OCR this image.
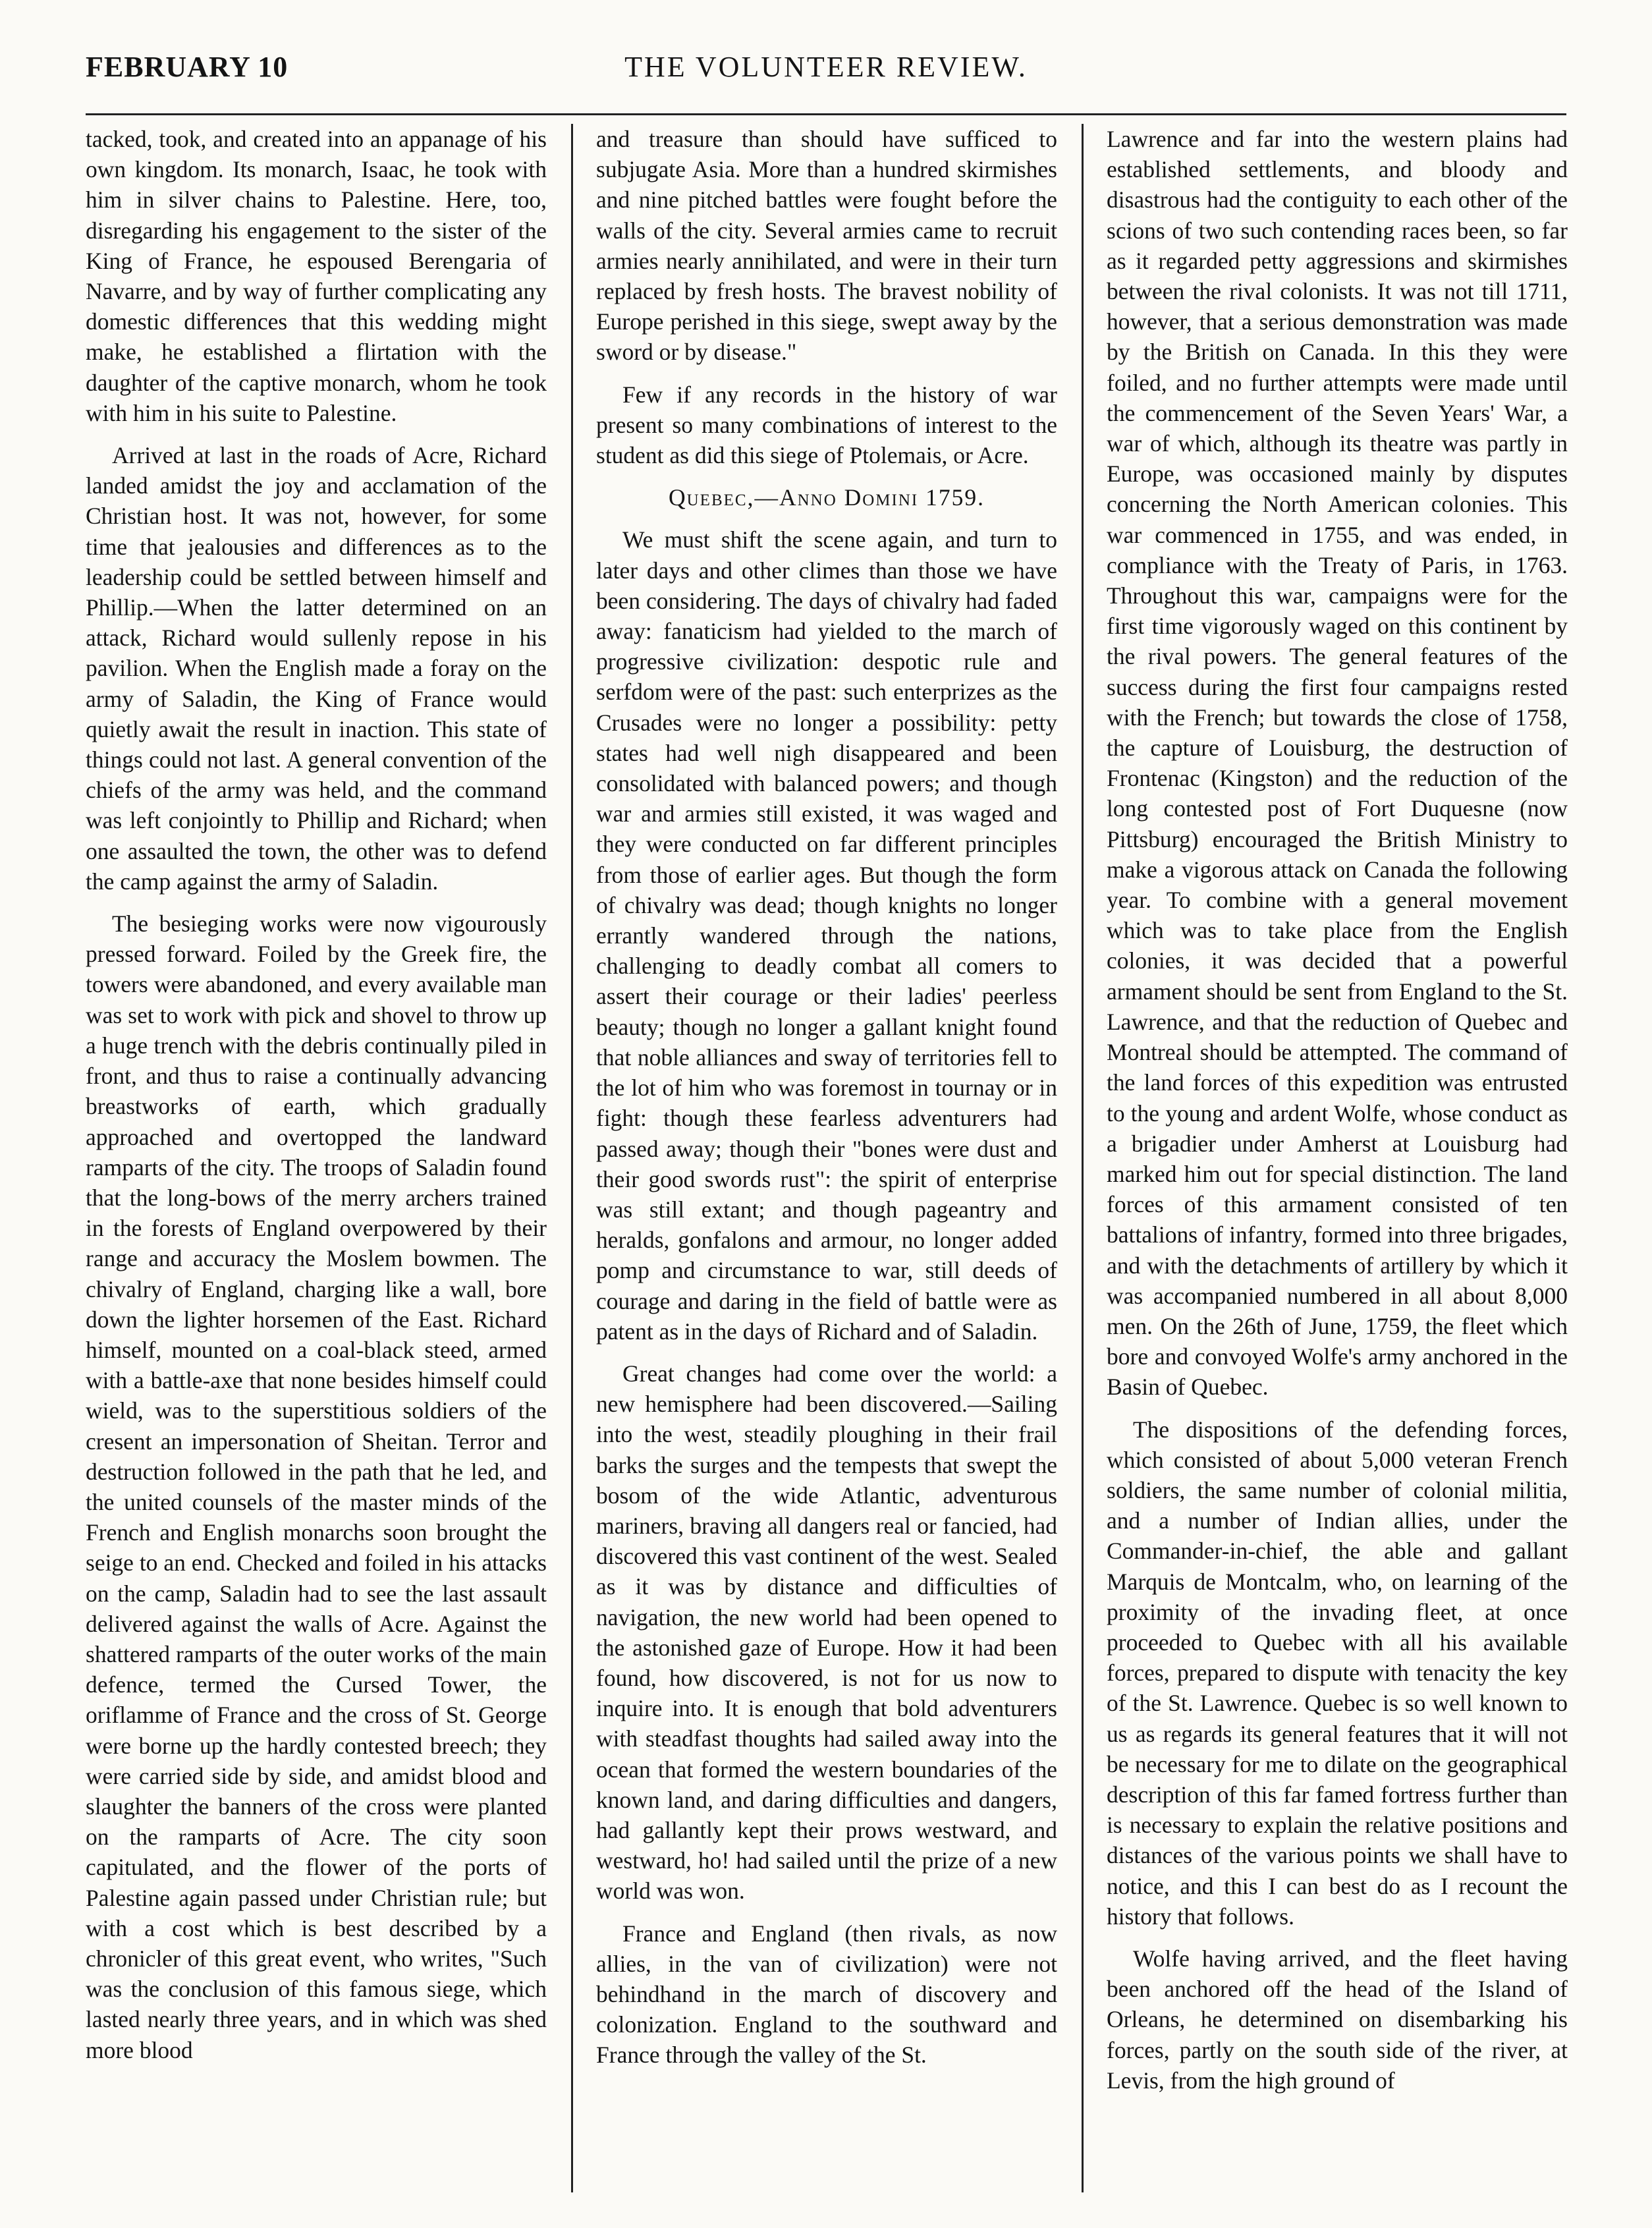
FEBRUARY 10	THE VOLUNTEER REVIEW.

tacked, took, and created into an appanage of his own kingdom. Its monarch, Isaac, he took with him in silver chains to Palestine. Here, too, disregarding his engagement to the sister of the King of France, he espoused Berengaria of Navarre, and by way of further complicating any domestic differences that this wedding might make, he established a flirtation with the daughter of the captive monarch, whom he took with him in his suite to Palestine.

Arrived at last in the roads of Acre, Richard landed amidst the joy and acclamation of the Christian host. It was not, however, for some time that jealousies and differences as to the leadership could be settled between himself and Phillip.—When the latter determined on an attack, Richard would sullenly repose in his pavilion. When the English made a foray on the army of Saladin, the King of France would quietly await the result in inaction. This state of things could not last. A general convention of the chiefs of the army was held, and the command was left conjointly to Phillip and Richard; when one assaulted the town, the other was to defend the camp against the army of Saladin.

The besieging works were now vigourously pressed forward. Foiled by the Greek fire, the towers were abandoned, and every available man was set to work with pick and shovel to throw up a huge trench with the debris continually piled in front, and thus to raise a continually advancing breastworks of earth, which gradually approached and overtopped the landward ramparts of the city. The troops of Saladin found that the long-bows of the merry archers trained in the forests of England overpowered by their range and accuracy the Moslem bowmen. The chivalry of England, charging like a wall, bore down the lighter horsemen of the East. Richard himself, mounted on a coal-black steed, armed with a battle-axe that none besides himself could wield, was to the superstitious soldiers of the cresent an impersonation of Sheitan. Terror and destruction followed in the path that he led, and the united counsels of the master minds of the French and English monarchs soon brought the seige to an end. Checked and foiled in his attacks on the camp, Saladin had to see the last assault delivered against the walls of Acre. Against the shattered ramparts of the outer works of the main defence, termed the Cursed Tower, the oriflamme of France and the cross of St. George were borne up the hardly contested breech; they were carried side by side, and amidst blood and slaughter the banners of the cross were planted on the ramparts of Acre. The city soon capitulated, and the flower of the ports of Palestine again passed under Christian rule; but with a cost which is best described by a chronicler of this great event, who writes, "Such was the conclusion of this famous siege, which lasted nearly three years, and in which was shed more blood

and treasure than should have sufficed to subjugate Asia. More than a hundred skirmishes and nine pitched battles were fought before the walls of the city. Several armies came to recruit armies nearly annihilated, and were in their turn replaced by fresh hosts. The bravest nobility of Europe perished in this siege, swept away by the sword or by disease."

Few if any records in the history of war present so many combinations of interest to the student as did this siege of Ptolemais, or Acre.

Quebec,—Anno Domini 1759.

We must shift the scene again, and turn to later days and other climes than those we have been considering. The days of chivalry had faded away: fanaticism had yielded to the march of progressive civilization: despotic rule and serfdom were of the past: such enterprizes as the Crusades were no longer a possibility: petty states had well nigh disappeared and been consolidated with balanced powers; and though war and armies still existed, it was waged and they were conducted on far different principles from those of earlier ages. But though the form of chivalry was dead; though knights no longer errantly wandered through the nations, challenging to deadly combat all comers to assert their courage or their ladies' peerless beauty; though no longer a gallant knight found that noble alliances and sway of territories fell to the lot of him who was foremost in tournay or in fight: though these fearless adventurers had passed away; though their "bones were dust and their good swords rust": the spirit of enterprise was still extant; and though pageantry and heralds, gonfalons and armour, no longer added pomp and circumstance to war, still deeds of courage and daring in the field of battle were as patent as in the days of Richard and of Saladin.

Great changes had come over the world: a new hemisphere had been discovered.—Sailing into the west, steadily ploughing in their frail barks the surges and the tempests that swept the bosom of the wide Atlantic, adventurous mariners, braving all dangers real or fancied, had discovered this vast continent of the west. Sealed as it was by distance and difficulties of navigation, the new world had been opened to the astonished gaze of Europe. How it had been found, how discovered, is not for us now to inquire into. It is enough that bold adventurers with steadfast thoughts had sailed away into the ocean that formed the western boundaries of the known land, and daring difficulties and dangers, had gallantly kept their prows westward, and westward, ho! had sailed until the prize of a new world was won.

France and England (then rivals, as now allies, in the van of civilization) were not behindhand in the march of discovery and colonization. England to the southward and France through the valley of the St.

Lawrence and far into the western plains had established settlements, and bloody and disastrous had the contiguity to each other of the scions of two such contending races been, so far as it regarded petty aggressions and skirmishes between the rival colonists. It was not till 1711, however, that a serious demonstration was made by the British on Canada. In this they were foiled, and no further attempts were made until the commencement of the Seven Years' War, a war of which, although its theatre was partly in Europe, was occasioned mainly by disputes concerning the North American colonies. This war commenced in 1755, and was ended, in compliance with the Treaty of Paris, in 1763. Throughout this war, campaigns were for the first time vigorously waged on this continent by the rival powers. The general features of the success during the first four campaigns rested with the French; but towards the close of 1758, the capture of Louisburg, the destruction of Frontenac (Kingston) and the reduction of the long contested post of Fort Duquesne (now Pittsburg) encouraged the British Ministry to make a vigorous attack on Canada the following year. To combine with a general movement which was to take place from the English colonies, it was decided that a powerful armament should be sent from England to the St. Lawrence, and that the reduction of Quebec and Montreal should be attempted. The command of the land forces of this expedition was entrusted to the young and ardent Wolfe, whose conduct as a brigadier under Amherst at Louisburg had marked him out for special distinction. The land forces of this armament consisted of ten battalions of infantry, formed into three brigades, and with the detachments of artillery by which it was accompanied numbered in all about 8,000 men. On the 26th of June, 1759, the fleet which bore and convoyed Wolfe's army anchored in the Basin of Quebec.

The dispositions of the defending forces, which consisted of about 5,000 veteran French soldiers, the same number of colonial militia, and a number of Indian allies, under the Commander-in-chief, the able and gallant Marquis de Montcalm, who, on learning of the proximity of the invading fleet, at once proceeded to Quebec with all his available forces, prepared to dispute with tenacity the key of the St. Lawrence. Quebec is so well known to us as regards its general features that it will not be necessary for me to dilate on the geographical description of this far famed fortress further than is necessary to explain the relative positions and distances of the various points we shall have to notice, and this I can best do as I recount the history that follows.

Wolfe having arrived, and the fleet having been anchored off the head of the Island of Orleans, he determined on disembarking his forces, partly on the south side of the river, at Levis, from the high ground of
